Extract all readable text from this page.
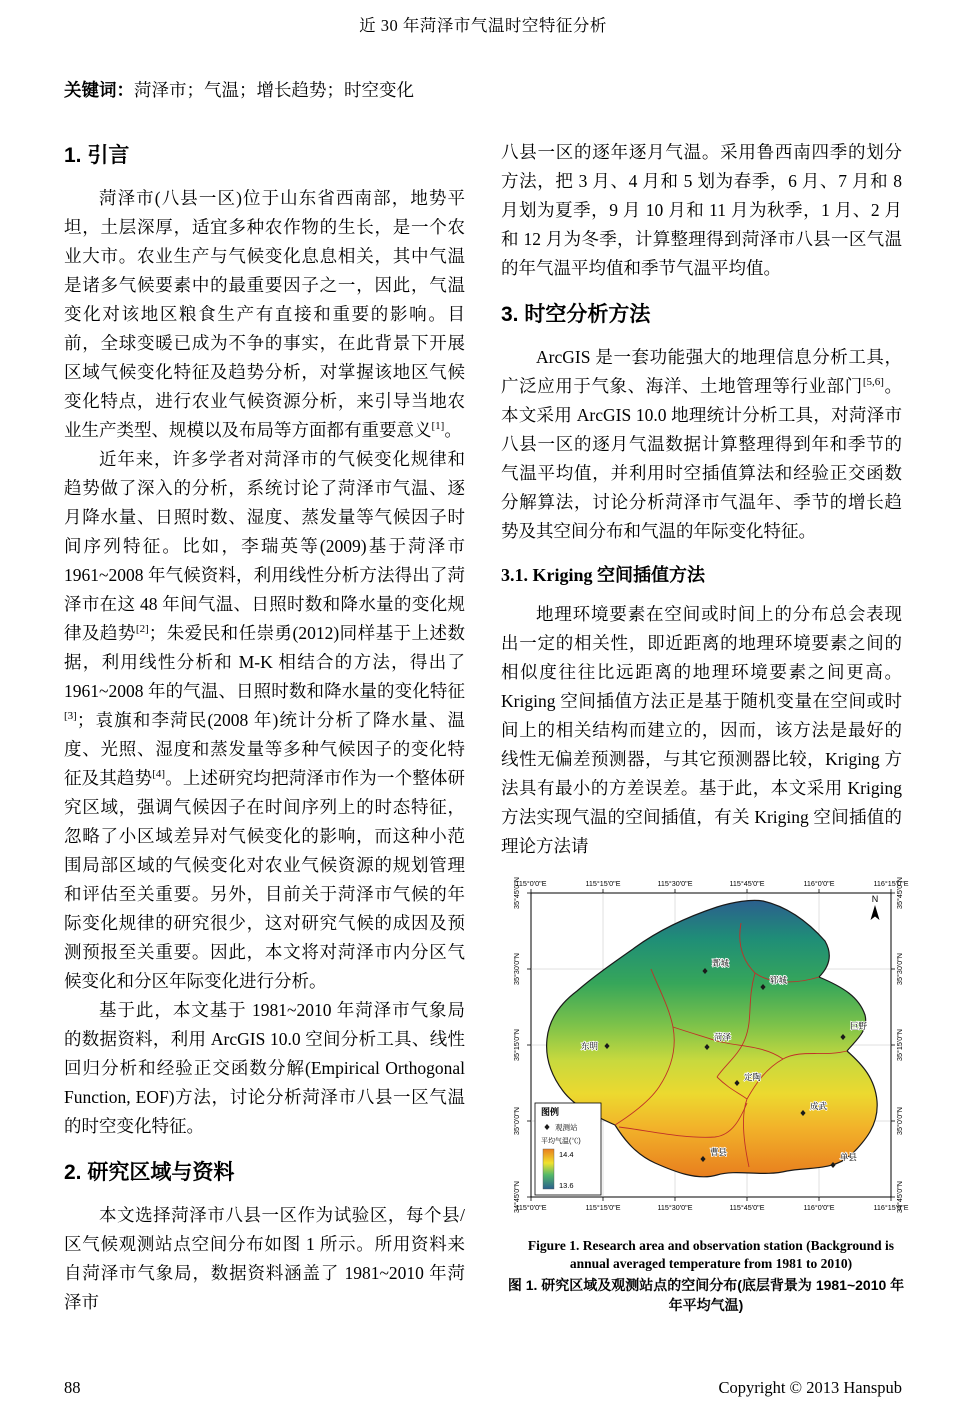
近 30 年菏泽市气温时空特征分析

关键词：菏泽市；气温；增长趋势；时空变化

1. 引言

菏泽市(八县一区)位于山东省西南部，地势平坦，土层深厚，适宜多种农作物的生长，是一个农业大市。农业生产与气候变化息息相关，其中气温是诸多气候要素中的最重要因子之一，因此，气温变化对该地区粮食生产有直接和重要的影响。目前，全球变暖已成为不争的事实，在此背景下开展区域气候变化特征及趋势分析，对掌握该地区气候变化特点，进行农业气候资源分析，来引导当地农业生产类型、规模以及布局等方面都有重要意义[1]。

近年来，许多学者对菏泽市的气候变化规律和趋势做了深入的分析，系统讨论了菏泽市气温、逐月降水量、日照时数、湿度、蒸发量等气候因子时间序列特征。比如，李瑞英等(2009)基于菏泽市 1961~2008 年气候资料，利用线性分析方法得出了菏泽市在这 48 年间气温、日照时数和降水量的变化规律及趋势[2]；朱爱民和任崇勇(2012)同样基于上述数据，利用线性分析和 M-K 相结合的方法，得出了 1961~2008 年的气温、日照时数和降水量的变化特征[3]；袁旗和李菏民(2008 年)统计分析了降水量、温度、光照、湿度和蒸发量等多种气候因子的变化特征及其趋势[4]。上述研究均把菏泽市作为一个整体研究区域，强调气候因子在时间序列上的时态特征，忽略了小区域差异对气候变化的影响，而这种小范围局部区域的气候变化对农业气候资源的规划管理和评估至关重要。另外，目前关于菏泽市气候的年际变化规律的研究很少，这对研究气候的成因及预测预报至关重要。因此，本文将对菏泽市内分区气候变化和分区年际变化进行分析。

基于此，本文基于 1981~2010 年菏泽市气象局的数据资料，利用 ArcGIS 10.0 空间分析工具、线性回归分析和经验正交函数分解(Empirical Orthogonal Function, EOF)方法，讨论分析菏泽市八县一区气温的时空变化特征。

2. 研究区域与资料

本文选择菏泽市八县一区作为试验区，每个县/区气候观测站点空间分布如图 1 所示。所用资料来自菏泽市气象局，数据资料涵盖了 1981~2010 年菏泽市

八县一区的逐年逐月气温。采用鲁西南四季的划分方法，把 3 月、4 月和 5 划为春季，6 月、7 月和 8 月划为夏季，9 月 10 月和 11 月为秋季，1 月、2 月和 12 月为冬季，计算整理得到菏泽市八县一区气温的年气温平均值和季节气温平均值。

3. 时空分析方法

ArcGIS 是一套功能强大的地理信息分析工具，广泛应用于气象、海洋、土地管理等行业部门[5,6]。本文采用 ArcGIS 10.0 地理统计分析工具，对菏泽市八县一区的逐月气温数据计算整理得到年和季节的气温平均值，并利用时空插值算法和经验正交函数分解算法，讨论分析菏泽市气温年、季节的增长趋势及其空间分布和气温的年际变化特征。

3.1. Kriging 空间插值方法

地理环境要素在空间或时间上的分布总会表现出一定的相关性，即近距离的地理环境要素之间的相似度往往比远距离的地理环境要素之间更高。Kriging 空间插值方法正是基于随机变量在空间或时间上的相关结构而建立的，因而，该方法是最好的线性无偏差预测器，与其它预测器比较，Kriging 方法具有最小的方差误差。基于此，本文采用 Kriging 方法实现气温的空间插值，有关 Kriging 空间插值的理论方法请

鄄城
郓城
东明
菏泽
巨野
定陶
成武
曹县	单县
N
图例
观测站
平均气温(℃)
14.4
13.6
115°0'0"E	115°15'0"E	115°30'0"E	115°45'0"E	116°0'0"E	116°15'0"E
115°0'0"E	115°15'0"E	115°30'0"E	115°45'0"E	116°0'0"E	116°15'0"E
35°45'0"N
35°30'0"N
35°15'0"N
35°0'0"N
34°45'0"N
35°45'0"N
35°30'0"N
35°15'0"N
35°0'0"N
34°45'0"N
Figure 1. Research area and observation station (Background is
annual averaged temperature from 1981 to 2010)
图 1. 研究区域及观测站点的空间分布(底层背景为 1981~2010 年年平均气温)
88	Copyright © 2013 Hanspub
